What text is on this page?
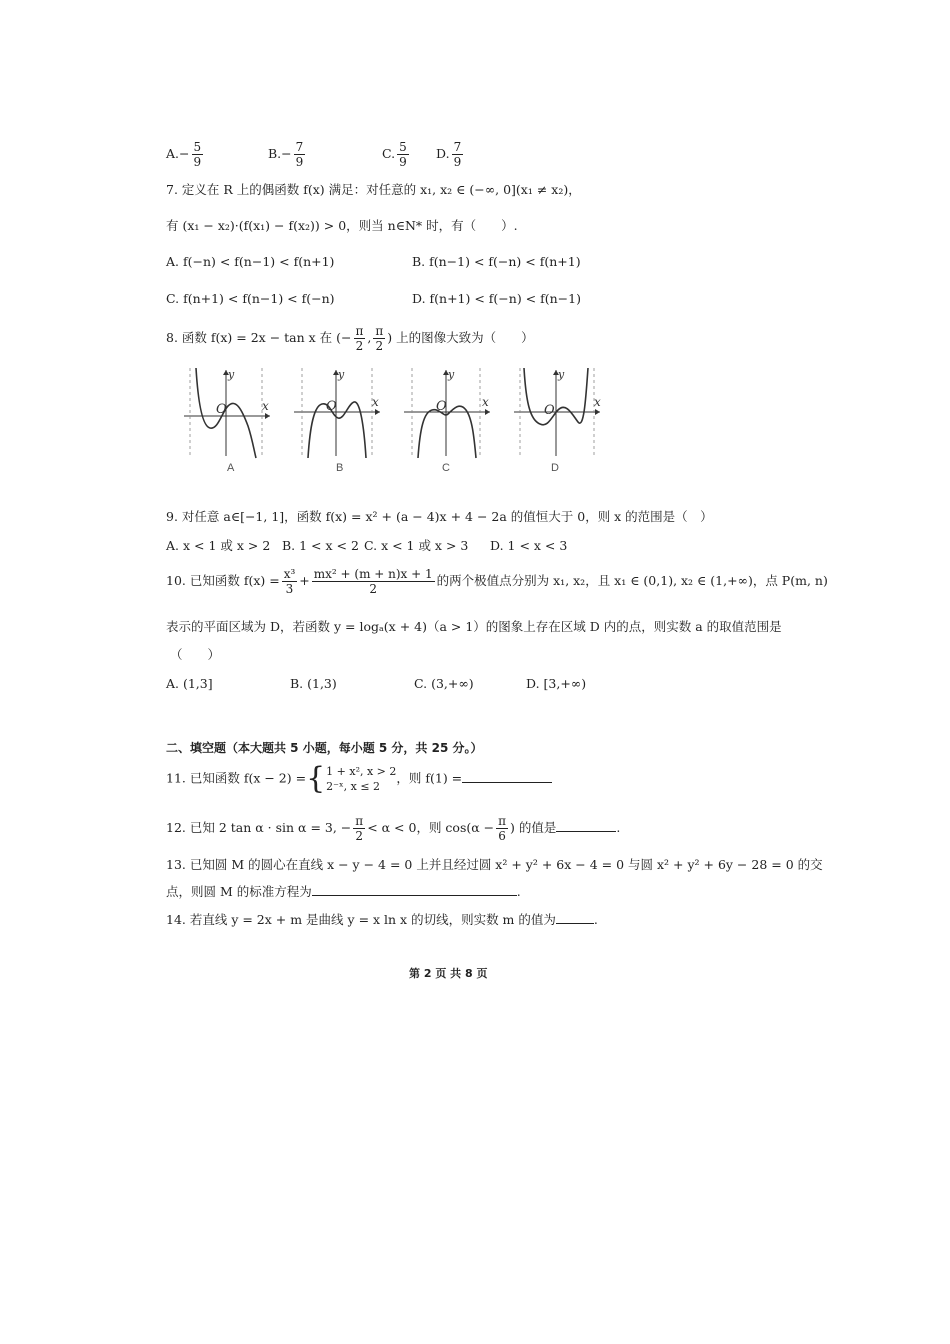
$A.- \frac{5}{9}$	$B.- \frac{7}{9}$	C. $\frac{5}{9} D$. $\frac{7}{9}$
7. 定义在 R 上的偶函数 f(x) 满足：对任意的 x₁, x₂ ∈ (−∞, 0](x₁ ≠ x₂)，
有 (x₁ − x₂)·(f(x₁) − f(x₂)) > 0，则当 n∈N* 时，有（　　）.
A. f(−n) < f(n−1) < f(n+1)	B. f(n−1) < f(−n) < f(n+1)
C. f(n+1) < f(n−1) < f(−n)	D. f(n+1) < f(−n) < f(n−1)
8. 函数 f(x) = 2x − tan x 在 (− $\frac{\pi}{2}$ , $\frac{\pi}{2}$ ) 上的图像大致为（　　）
y
x
O
A
y
x
O
B
y
x
O
C
y
x
O
D
9. 对任意 a∈[−1, 1]，函数 f(x) = x² + (a − 4)x + 4 − 2a 的值恒大于 0，则 x 的范围是（　）
A. x < 1 或 x > 2 B. 1 < x < 2 C. x < 1 或 x > 3 D. 1 < x < 3
10. 已知函数 $f(x) = \frac{\text{x³}}{3} + \frac{\text{mx² + (m + n)x + 1}}{2}$ 的两个极值点分别为 x₁, x₂，且 x₁ ∈ (0,1), x₂ ∈ (1,+∞)，点 P(m, n)
表示的平面区域为 D，若函数 y = logₐ(x + 4)（a > 1）的图象上存在区域 D 内的点，则实数 a 的取值范围是
（　　）
A. (1,3]	B. (1,3)	C. (3,+∞)	D. [3,+∞)
二、填空题（本大题共 5 小题，每小题 5 分，共 25 分。）
11. 已知函数 f(x − 2) ={ 1 + x², x > 2
2⁻ˣ, x ≤ 2
，则 f(1) =
12. 已知 2 tan α · sin α = 3, − $\frac{\pi}{2} < \alpha < 0$，则 $\cos(\alpha - \frac{\pi}{6}$ ) 的值是	.
13. 已知圆 M 的圆心在直线 x − y − 4 = 0 上并且经过圆 x² + y² + 6x − 4 = 0 与圆 x² + y² + 6y − 28 = 0 的交
点，则圆 M 的标准方程为	.
14. 若直线 y = 2x + m 是曲线 y = x ln x 的切线，则实数 m 的值为	.
第 2 页 共 8 页
